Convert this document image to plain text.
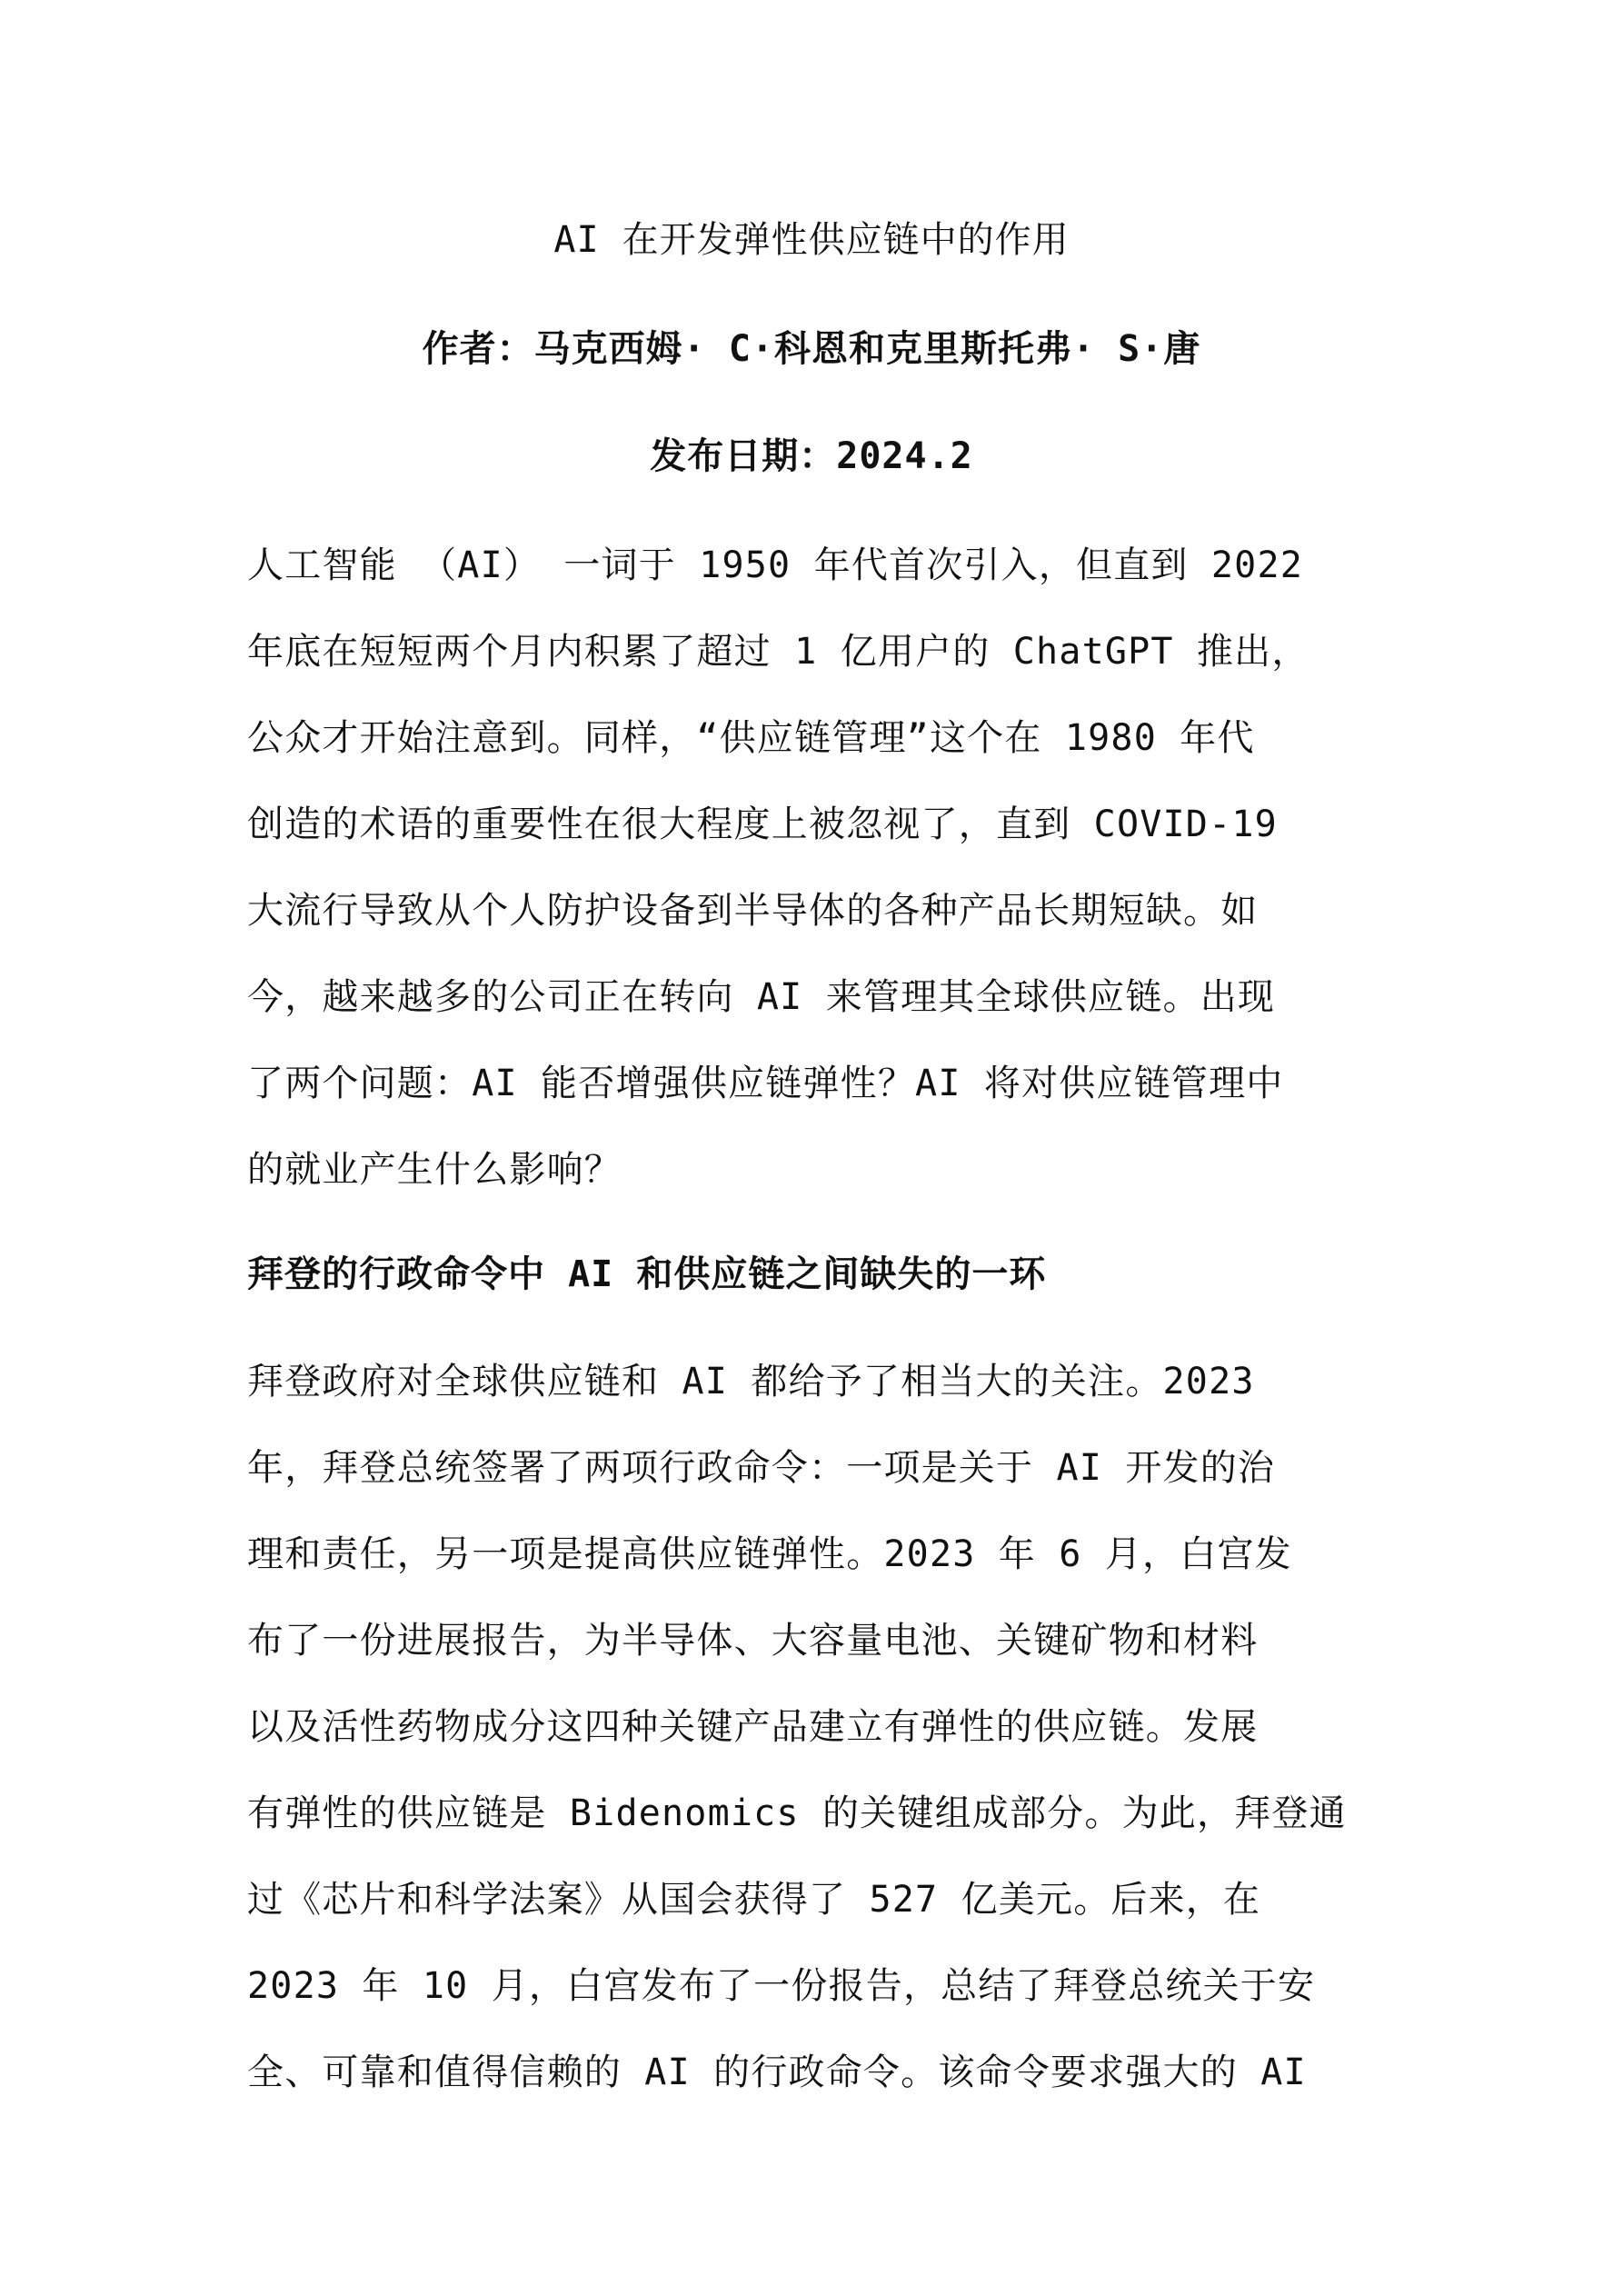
AI 在开发弹性供应链中的作用
作者：马克西姆· C·科恩和克里斯托弗· S·唐
发布日期：2024.2
人工智能 （AI） 一词于 1950 年代首次引入，但直到 2022
年底在短短两个月内积累了超过 1 亿用户的 ChatGPT 推出，
公众才开始注意到。同样，“供应链管理”这个在 1980 年代
创造的术语的重要性在很大程度上被忽视了，直到 COVID-19
大流行导致从个人防护设备到半导体的各种产品长期短缺。如
今，越来越多的公司正在转向 AI 来管理其全球供应链。出现
了两个问题：AI 能否增强供应链弹性？AI 将对供应链管理中
的就业产生什么影响？
拜登的行政命令中 AI 和供应链之间缺失的一环
拜登政府对全球供应链和 AI 都给予了相当大的关注。2023
年，拜登总统签署了两项行政命令：一项是关于 AI 开发的治
理和责任，另一项是提高供应链弹性。2023 年 6 月，白宫发
布了一份进展报告，为半导体、大容量电池、关键矿物和材料
以及活性药物成分这四种关键产品建立有弹性的供应链。发展
有弹性的供应链是 Bidenomics 的关键组成部分。为此，拜登通
过《芯片和科学法案》从国会获得了 527 亿美元。后来，在
2023 年 10 月，白宫发布了一份报告，总结了拜登总统关于安
全、可靠和值得信赖的 AI 的行政命令。该命令要求强大的 AI
